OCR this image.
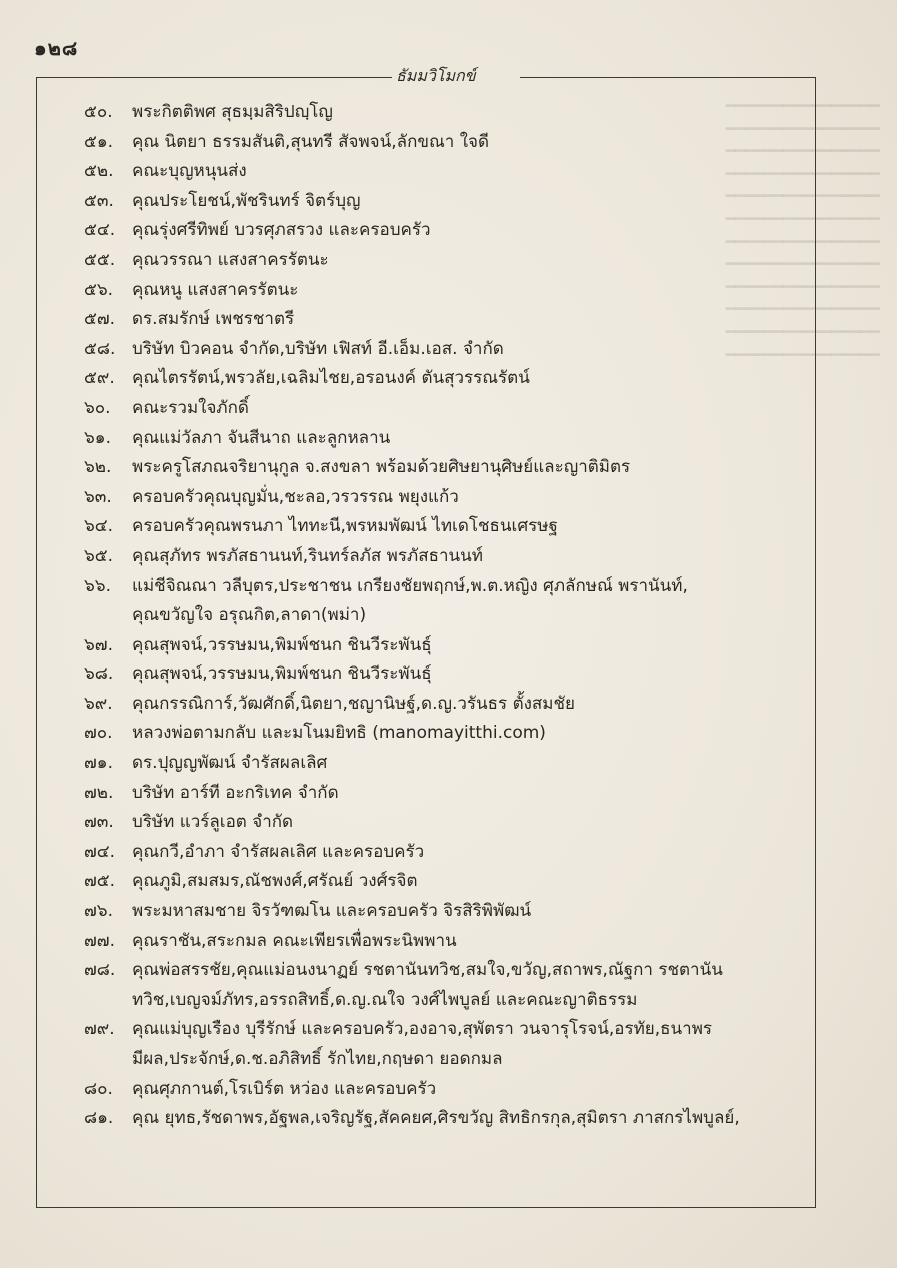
━━━━━━━━━━━━━━━━
━━━━━━━━━━━━━━━━
━━━━━━━━━━━━━━━━
━━━━━━━━━━━━━━━━
━━━━━━━━━━━━━━━━
━━━━━━━━━━━━━━━━
━━━━━━━━━━━━━━━━
━━━━━━━━━━━━━━━━
━━━━━━━━━━━━━━━━
━━━━━━━━━━━━━━━━
━━━━━━━━━━━━━━━━
━━━━━━━━━━━━━━━━
๑๒๘
ธัมมวิโมกข์
๕๐.	พระกิตติพศ สุธมฺมสิริปญฺโญ
๕๑.	คุณ นิตยา ธรรมสันติ,สุนทรี สัจพจน์,ลักขณา ใจดี
๕๒.	คณะบุญหนุนส่ง
๕๓.	คุณประโยชน์,พัชรินทร์ จิตร์บุญ
๕๔. คุณรุ่งศรีทิพย์ บวรศุภสรวง และครอบครัว
๕๕. คุณวรรณา แสงสาครรัตนะ
๕๖.	คุณหนู แสงสาครรัตนะ
๕๗. ดร.สมรักษ์ เพชรชาตรี
๕๘. บริษัท บิวคอน จำกัด,บริษัท เฟิสท์ อี.เอ็ม.เอส. จำกัด
๕๙.	คุณไตรรัตน์,พรวลัย,เฉลิมไชย,อรอนงค์ ตันสุวรรณรัตน์
๖๐.	คณะรวมใจภักดิ์
๖๑.	คุณแม่วัลภา จันสีนาถ และลูกหลาน
๖๒.	พระครูโสภณจริยานุกูล จ.สงขลา พร้อมด้วยศิษยานุศิษย์และญาติมิตร
๖๓.	ครอบครัวคุณบุญมั่น,ชะลอ,วรวรรณ พยุงแก้ว
๖๔.	ครอบครัวคุณพรนภา ไททะนี,พรหมพัฒน์ ไทเดโชธนเศรษฐ
๖๕.	คุณสุภัทร พรภัสธานนท์,รินทร์ลภัส พรภัสธานนท์
๖๖.	แม่ชีจิณณา วลีบุตร,ประชาชน เกรียงชัยพฤกษ์,พ.ต.หญิง ศุภลักษณ์ พรานันท์,
คุณขวัญใจ อรุณกิต,ลาดา(พม่า)
๖๗.	คุณสุพจน์,วรรษมน,พิมพ์ชนก ชินวีระพันธุ์
๖๘.	คุณสุพจน์,วรรษมน,พิมพ์ชนก ชินวีระพันธุ์
๖๙.	คุณกรรณิการ์,วัฒศักดิ์,นิตยา,ชญานิษฐ์,ด.ญ.วรันธร ตั้งสมชัย
๗๐.	หลวงพ่อตามกลับ และมโนมยิทธิ (manomayitthi.com)
๗๑.	ดร.ปุญญพัฒน์ จำรัสผลเลิศ
๗๒.	บริษัท อาร์ที อะกริเทค จำกัด
๗๓.	บริษัท แวร์ลูเอต จำกัด
๗๔. คุณกวี,อำภา จำรัสผลเลิศ และครอบครัว
๗๕. คุณภูมิ,สมสมร,ณัชพงศ์,ศรัณย์ วงศ์รจิต
๗๖.	พระมหาสมชาย จิรวัฑฒโน และครอบครัว จิรสิริพิพัฒน์
๗๗.	คุณราชัน,สระกมล คณะเพียรเพื่อพระนิพพาน
๗๘. คุณพ่อสรรชัย,คุณแม่อนงนาฏย์ รชตานันทวิช,สมใจ,ขวัญ,สถาพร,ณัฐกา รชตานัน
ทวิช,เบญจม์ภัทร,อรรถสิทธิ์,ด.ญ.ณใจ วงศ์ไพบูลย์ และคณะญาติธรรม
๗๙.	คุณแม่บุญเรือง บุรีรักษ์ และครอบครัว,องอาจ,สุพัตรา วนจารุโรจน์,อรทัย,ธนาพร
มีผล,ประจักษ์,ด.ช.อภิสิทธิ์ รักไทย,กฤษดา ยอดกมล
๘๐.	คุณศุภกานต์,โรเบิร์ต หว่อง และครอบครัว
๘๑.	คุณ ยุทธ,รัชดาพร,อัฐพล,เจริญรัฐ,สัคคยศ,ศิรขวัญ สิทธิกรกุล,สุมิตรา ภาสกรไพบูลย์,
